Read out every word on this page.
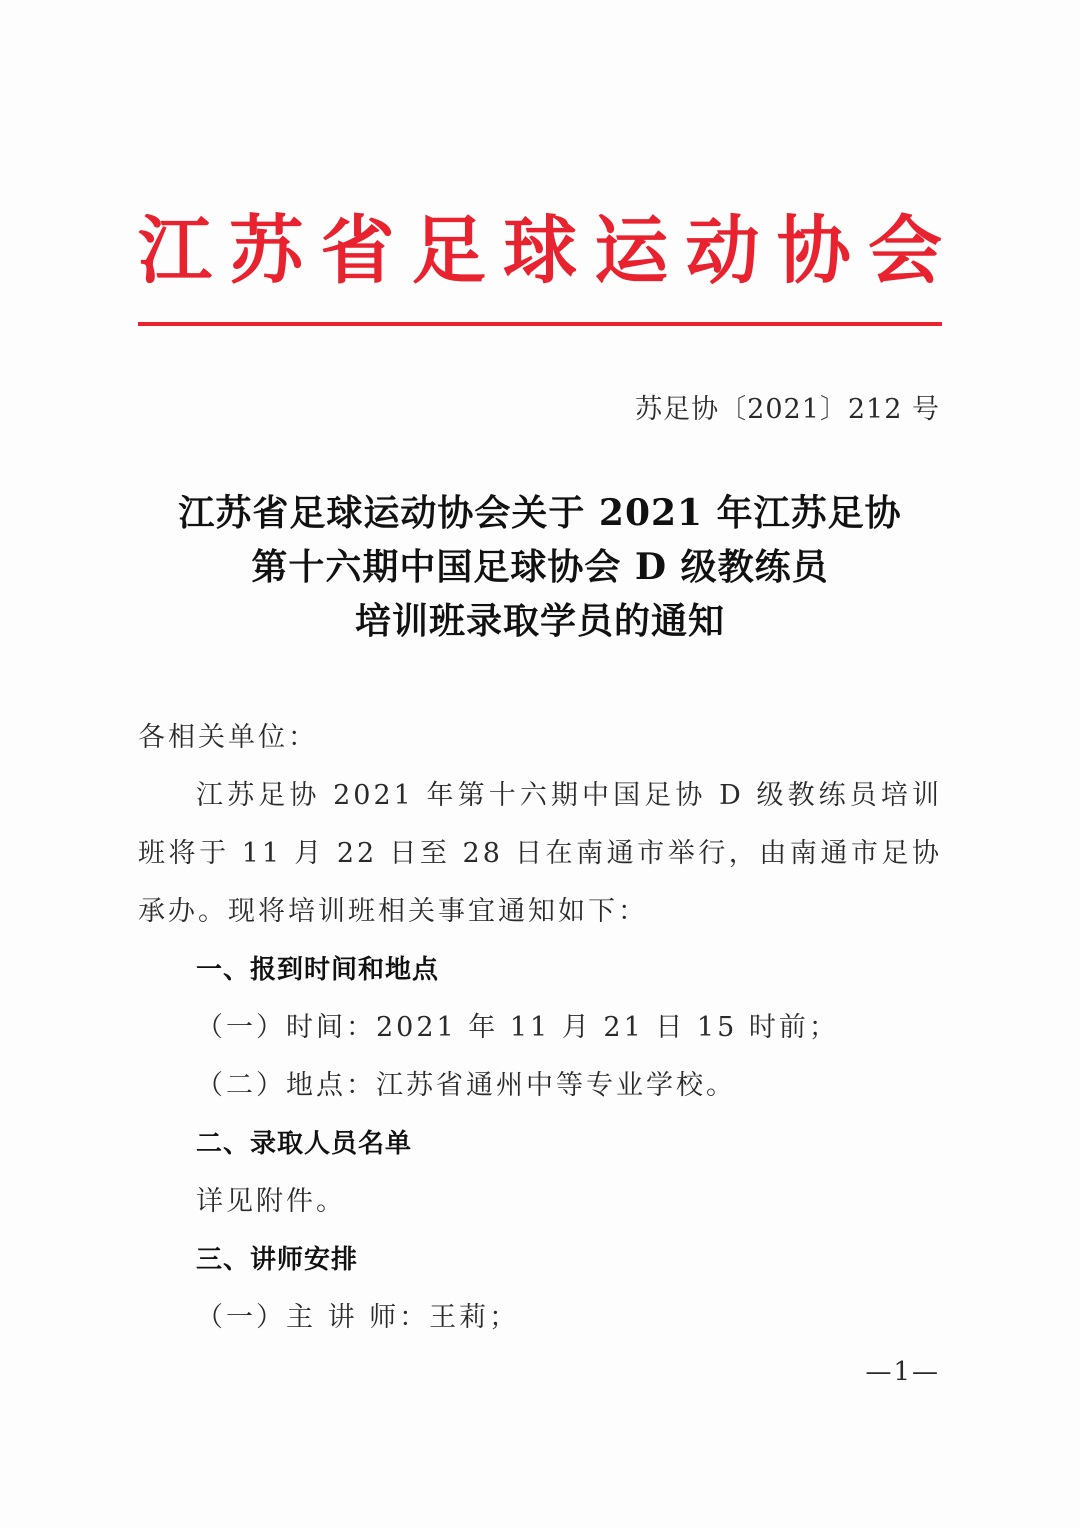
江 苏 省 足 球 运 动 协 会
苏足协〔2021〕212 号
江苏省足球运动协会关于 2021 年江苏足协
第十六期中国足球协会 D 级教练员
培训班录取学员的通知
各相关单位：
江苏足协 2021 年第十六期中国足协 D 级教练员培训班将于 11 月 22 日至 28 日在南通市举行，由南通市足协承办。现将培训班相关事宜通知如下：
一、报到时间和地点
（一）时间：2021 年 11 月 21 日 15 时前；
（二）地点：江苏省通州中等专业学校。
二、录取人员名单
详见附件。
三、讲师安排
（一）主 讲 师：王莉；
—1—
